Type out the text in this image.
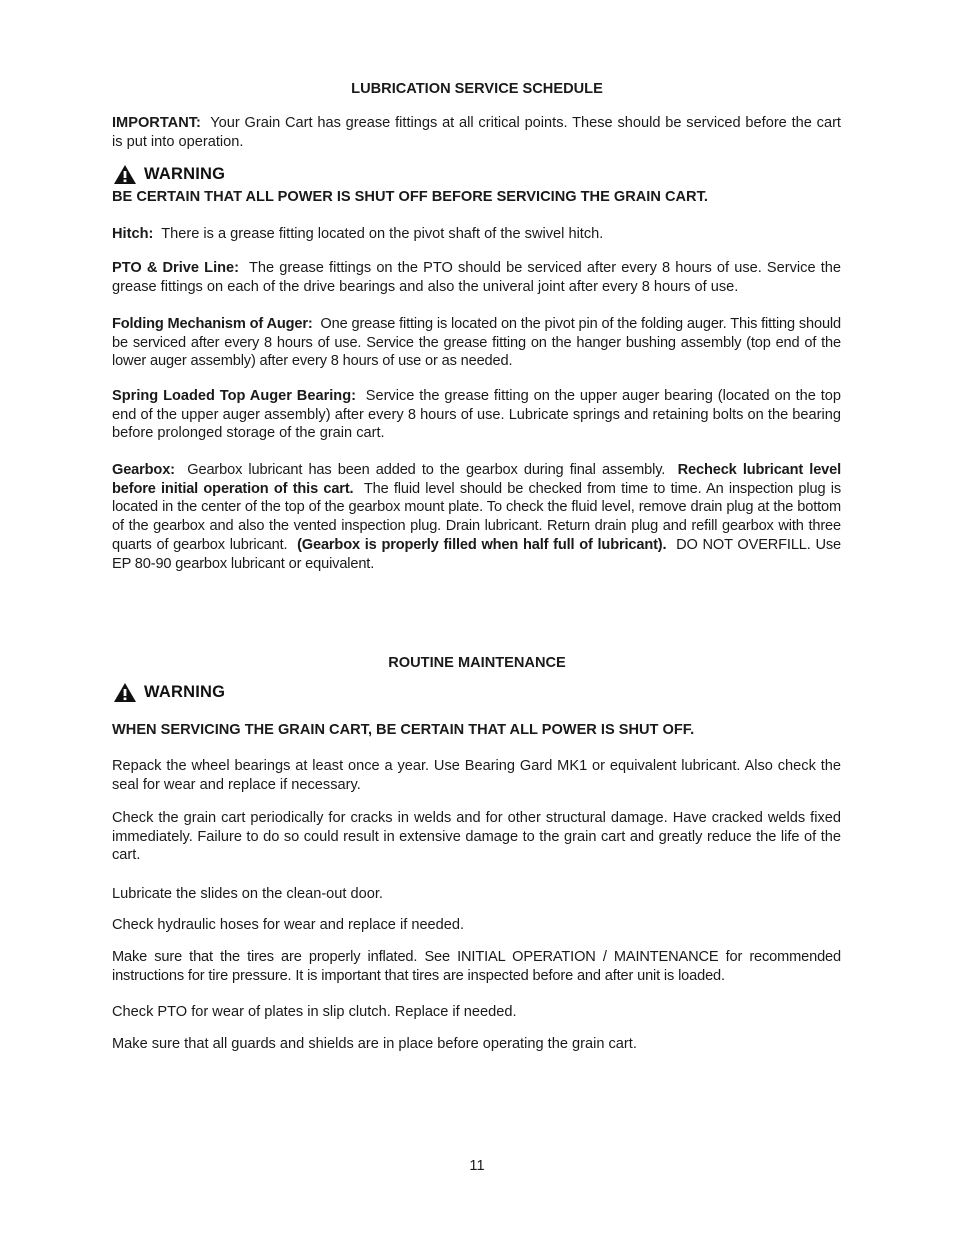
LUBRICATION SERVICE SCHEDULE

IMPORTANT: Your Grain Cart has grease fittings at all critical points. These should be serviced before the cart is put into operation.

WARNING

BE CERTAIN THAT ALL POWER IS SHUT OFF BEFORE SERVICING THE GRAIN CART.

Hitch: There is a grease fitting located on the pivot shaft of the swivel hitch.

PTO & Drive Line: The grease fittings on the PTO should be serviced after every 8 hours of use. Service the grease fittings on each of the drive bearings and also the univeral joint after every 8 hours of use.

Folding Mechanism of Auger: One grease fitting is located on the pivot pin of the folding auger. This fitting should be serviced after every 8 hours of use. Service the grease fitting on the hanger bushing assembly (top end of the lower auger assembly) after every 8 hours of use or as needed.

Spring Loaded Top Auger Bearing: Service the grease fitting on the upper auger bearing (located on the top end of the upper auger assembly) after every 8 hours of use. Lubricate springs and retaining bolts on the bearing before prolonged storage of the grain cart.

Gearbox: Gearbox lubricant has been added to the gearbox during final assembly. Recheck lubricant level before initial operation of this cart. The fluid level should be checked from time to time. An inspection plug is located in the center of the top of the gearbox mount plate. To check the fluid level, remove drain plug at the bottom of the gearbox and also the vented inspection plug. Drain lubricant. Return drain plug and refill gearbox with three quarts of gearbox lubricant. (Gearbox is properly filled when half full of lubricant). DO NOT OVERFILL. Use EP 80-90 gearbox lubricant or equivalent.

ROUTINE MAINTENANCE

WARNING

WHEN SERVICING THE GRAIN CART, BE CERTAIN THAT ALL POWER IS SHUT OFF.

Repack the wheel bearings at least once a year. Use Bearing Gard MK1 or equivalent lubricant. Also check the seal for wear and replace if necessary.

Check the grain cart periodically for cracks in welds and for other structural damage. Have cracked welds fixed immediately. Failure to do so could result in extensive damage to the grain cart and greatly reduce the life of the cart.

Lubricate the slides on the clean-out door.

Check hydraulic hoses for wear and replace if needed.

Make sure that the tires are properly inflated. See INITIAL OPERATION / MAINTENANCE for recommended instructions for tire pressure. It is important that tires are inspected before and after unit is loaded.

Check PTO for wear of plates in slip clutch. Replace if needed.

Make sure that all guards and shields are in place before operating the grain cart.

11
